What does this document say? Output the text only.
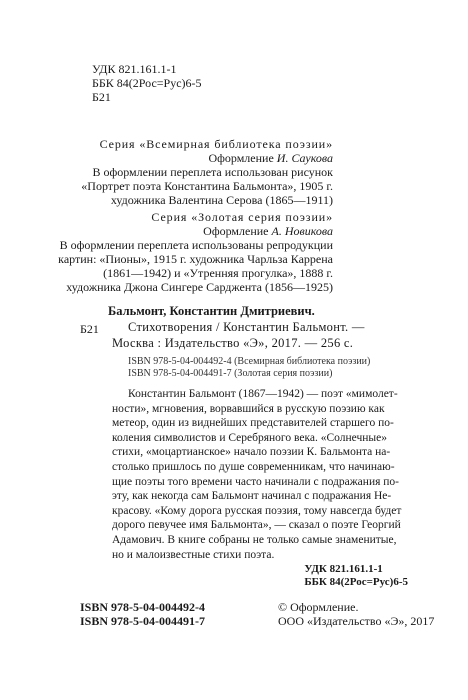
УДК 821.161.1-1
ББК 84(2Рос=Рус)6-5
Б21
Серия «Всемирная библиотека поэзии»
Оформление И. Саукова
В оформлении переплета использован рисунок
«Портрет поэта Константина Бальмонта», 1905 г.
художника Валентина Серова (1865—1911)
Серия «Золотая серия поэзии»
Оформление А. Новикова
В оформлении переплета использованы репродукции
картин: «Пионы», 1915 г. художника Чарльза Каррена
(1861—1942) и «Утренняя прогулка», 1888 г.
художника Джона Сингере Сарджента (1856—1925)
Б21
Бальмонт, Константин Дмитриевич.
Стихотворения / Константин Бальмонт. —
Москва : Издательство «Э», 2017. — 256 с.
ISBN 978-5-04-004492-4 (Всемирная библиотека поэзии)
ISBN 978-5-04-004491-7 (Золотая серия поэзии)
Константин Бальмонт (1867—1942) — поэт «мимолет-
ности», мгновения, ворвавшийся в русскую поэзию как
метеор, один из виднейших представителей старшего по-
коления символистов и Серебряного века. «Солнечные»
стихи, «моцартианское» начало поэзии К. Бальмонта на-
столько пришлось по душе современникам, что начинаю-
щие поэты того времени часто начинали с подражания по-
эту, как некогда сам Бальмонт начинал с подражания Не-
красову. «Кому дорога русская поэзия, тому навсегда будет
дорого певучее имя Бальмонта», — сказал о поэте Георгий
Адамович. В книге собраны не только самые знаменитые,
но и малоизвестные стихи поэта.
УДК 821.161.1-1
ББК 84(2Рос=Рус)6-5
ISBN 978-5-04-004492-4
ISBN 978-5-04-004491-7
© Оформление.
ООО «Издательство «Э», 2017
